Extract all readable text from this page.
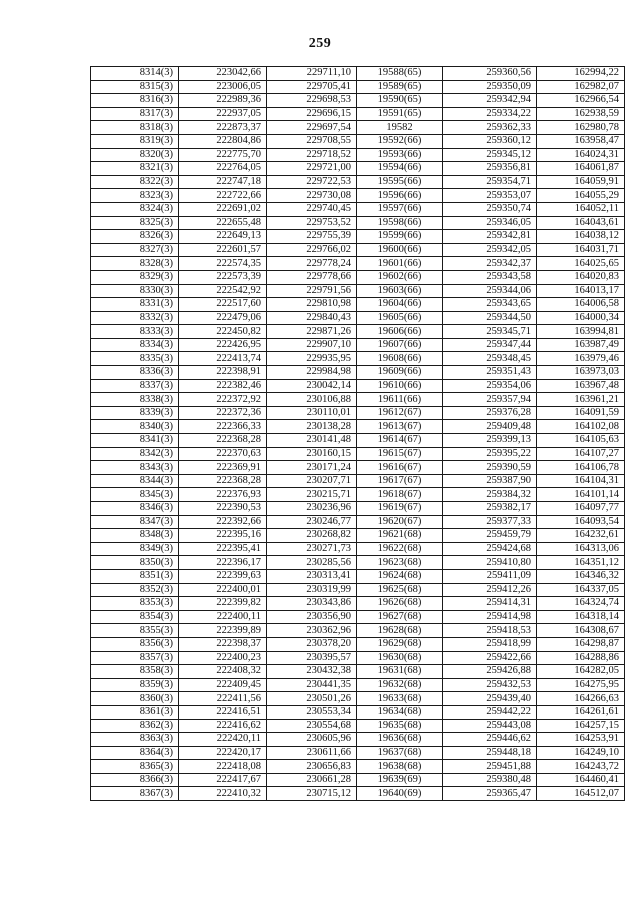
259
8314(3)	223042,66	229711,10	19588(65)	259360,56	162994,22
8315(3)	223006,05	229705,41	19589(65)	259350,09	162982,07
8316(3)	222989,36	229698,53	19590(65)	259342,94	162966,54
8317(3)	222937,05	229696,15	19591(65)	259334,22	162938,59
8318(3)	222873,37	229697,54	19582	259362,33	162980,78
8319(3)	222804,86	229708,55	19592(66)	259360,12	163958,47
8320(3)	222775,70	229718,52	19593(66)	259345,12	164024,31
8321(3)	222764,05	229721,00	19594(66)	259356,81	164061,87
8322(3)	222747,18	229722,53	19595(66)	259354,71	164059,91
8323(3)	222722,66	229730,08	19596(66)	259353,07	164055,29
8324(3)	222691,02	229740,45	19597(66)	259350,74	164052,11
8325(3)	222655,48	229753,52	19598(66)	259346,05	164043,61
8326(3)	222649,13	229755,39	19599(66)	259342,81	164038,12
8327(3)	222601,57	229766,02	19600(66)	259342,05	164031,71
8328(3)	222574,35	229778,24	19601(66)	259342,37	164025,65
8329(3)	222573,39	229778,66	19602(66)	259343,58	164020,83
8330(3)	222542,92	229791,56	19603(66)	259344,06	164013,17
8331(3)	222517,60	229810,98	19604(66)	259343,65	164006,58
8332(3)	222479,06	229840,43	19605(66)	259344,50	164000,34
8333(3)	222450,82	229871,26	19606(66)	259345,71	163994,81
8334(3)	222426,95	229907,10	19607(66)	259347,44	163987,49
8335(3)	222413,74	229935,95	19608(66)	259348,45	163979,46
8336(3)	222398,91	229984,98	19609(66)	259351,43	163973,03
8337(3)	222382,46	230042,14	19610(66)	259354,06	163967,48
8338(3)	222372,92	230106,88	19611(66)	259357,94	163961,21
8339(3)	222372,36	230110,01	19612(67)	259376,28	164091,59
8340(3)	222366,33	230138,28	19613(67)	259409,48	164102,08
8341(3)	222368,28	230141,48	19614(67)	259399,13	164105,63
8342(3)	222370,63	230160,15	19615(67)	259395,22	164107,27
8343(3)	222369,91	230171,24	19616(67)	259390,59	164106,78
8344(3)	222368,28	230207,71	19617(67)	259387,90	164104,31
8345(3)	222376,93	230215,71	19618(67)	259384,32	164101,14
8346(3)	222390,53	230236,96	19619(67)	259382,17	164097,77
8347(3)	222392,66	230246,77	19620(67)	259377,33	164093,54
8348(3)	222395,16	230268,82	19621(68)	259459,79	164232,61
8349(3)	222395,41	230271,73	19622(68)	259424,68	164313,06
8350(3)	222396,17	230285,56	19623(68)	259410,80	164351,12
8351(3)	222399,63	230313,41	19624(68)	259411,09	164346,32
8352(3)	222400,01	230319,99	19625(68)	259412,26	164337,05
8353(3)	222399,82	230343,86	19626(68)	259414,31	164324,74
8354(3)	222400,11	230356,90	19627(68)	259414,98	164318,14
8355(3)	222399,89	230362,96	19628(68)	259418,53	164308,67
8356(3)	222398,37	230378,20	19629(68)	259418,99	164298,87
8357(3)	222400,23	230395,57	19630(68)	259422,66	164288,86
8358(3)	222408,32	230432,38	19631(68)	259426,88	164282,05
8359(3)	222409,45	230441,35	19632(68)	259432,53	164275,95
8360(3)	222411,56	230501,26	19633(68)	259439,40	164266,63
8361(3)	222416,51	230553,34	19634(68)	259442,22	164261,61
8362(3)	222416,62	230554,68	19635(68)	259443,08	164257,15
8363(3)	222420,11	230605,96	19636(68)	259446,62	164253,91
8364(3)	222420,17	230611,66	19637(68)	259448,18	164249,10
8365(3)	222418,08	230656,83	19638(68)	259451,88	164243,72
8366(3)	222417,67	230661,28	19639(69)	259380,48	164460,41
8367(3)	222410,32	230715,12	19640(69)	259365,47	164512,07
